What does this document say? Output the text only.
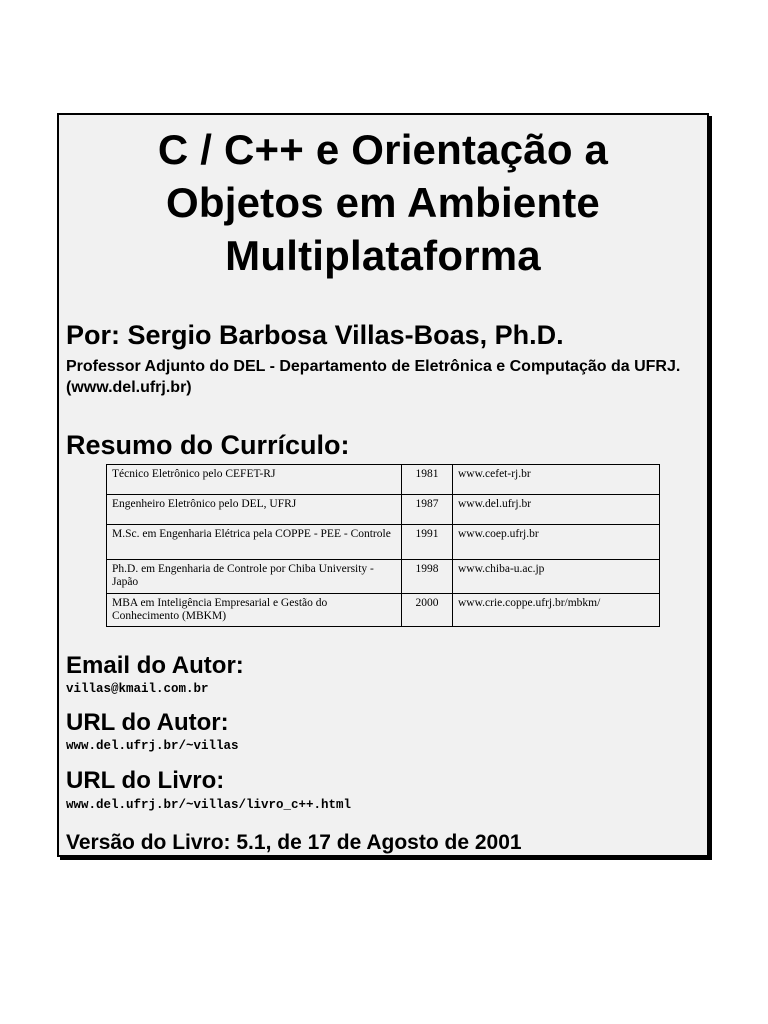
C / C++ e Orientação a
Objetos em Ambiente
Multiplataforma
Por: Sergio Barbosa Villas-Boas, Ph.D.
Professor Adjunto do DEL - Departamento de Eletrônica e Computação da UFRJ. (www.del.ufrj.br)
Resumo do Currículo:
Técnico Eletrônico pelo CEFET-RJ	1981	www.cefet-rj.br
Engenheiro Eletrônico pelo DEL, UFRJ	1987	www.del.ufrj.br
M.Sc. em Engenharia Elétrica pela COPPE - PEE - Controle	1991	www.coep.ufrj.br
Ph.D. em Engenharia de Controle por Chiba University - Japão	1998	www.chiba-u.ac.jp
MBA em Inteligência Empresarial e Gestão do Conhecimento (MBKM)	2000	www.crie.coppe.ufrj.br/mbkm/
Email do Autor:
villas@kmail.com.br
URL do Autor:
www.del.ufrj.br/~villas
URL do Livro:
www.del.ufrj.br/~villas/livro_c++.html
Versão do Livro: 5.1, de 17 de Agosto de 2001
